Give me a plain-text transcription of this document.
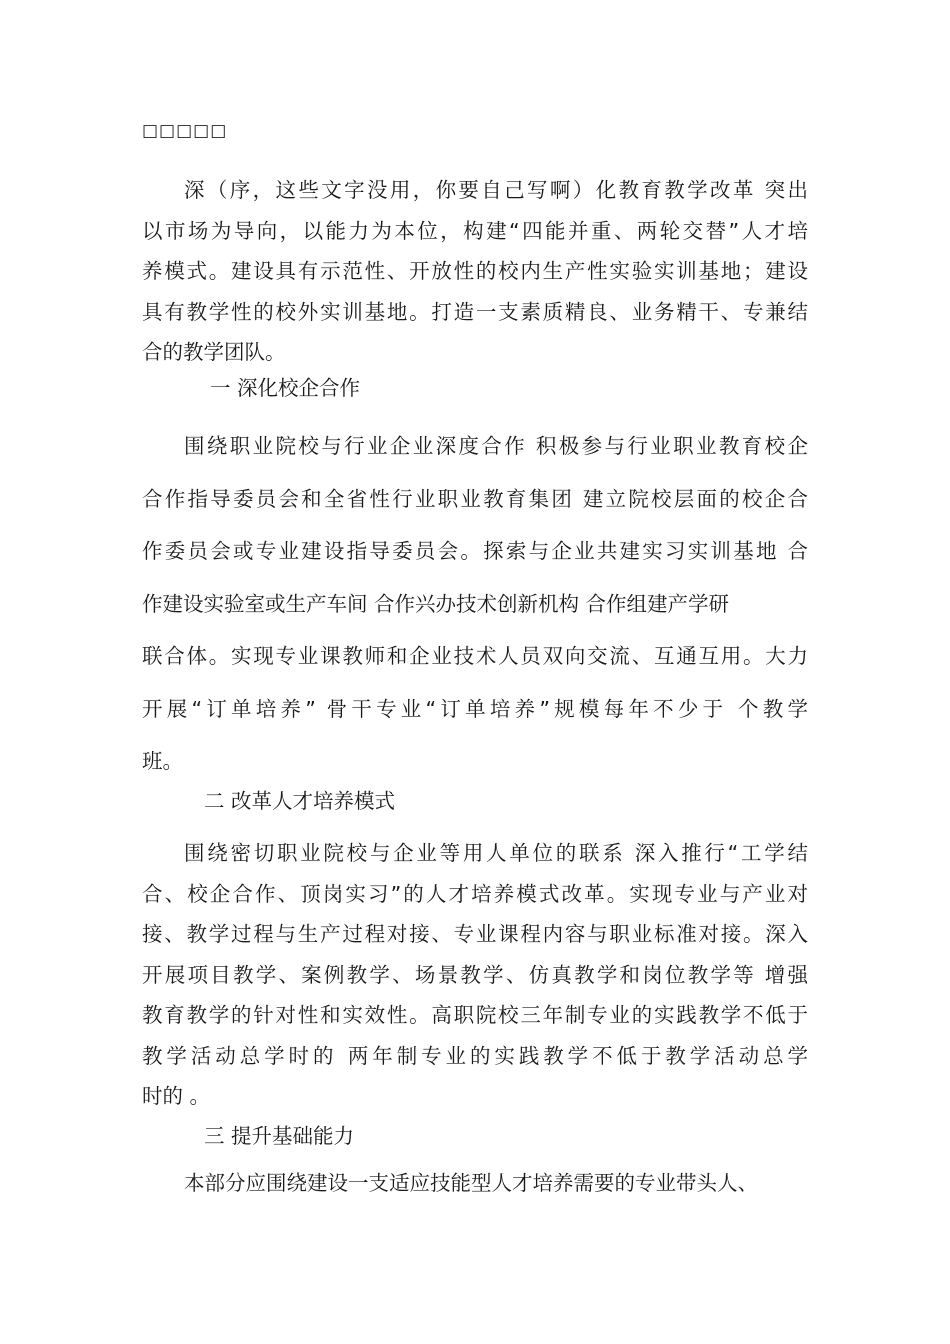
□□□□□
深（序，这些文字没用，你要自己写啊）化教育教学改革 突出
以市场为导向，以能力为本位，构建“四能并重、两轮交替”人才培
养模式。建设具有示范性、开放性的校内生产性实验实训基地；建设
具有教学性的校外实训基地。打造一支素质精良、业务精干、专兼结
合的教学团队。
一 深化校企合作
围绕职业院校与行业企业深度合作 积极参与行业职业教育校企
合作指导委员会和全省性行业职业教育集团 建立院校层面的校企合
作委员会或专业建设指导委员会。探索与企业共建实习实训基地 合
作建设实验室或生产车间 合作兴办技术创新机构 合作组建产学研
联合体。实现专业课教师和企业技术人员双向交流、互通互用。大力
开展“订单培养” 骨干专业“订单培养”规模每年不少于 个教学
班。
二 改革人才培养模式
围绕密切职业院校与企业等用人单位的联系 深入推行“工学结
合、校企合作、顶岗实习”的人才培养模式改革。实现专业与产业对
接、教学过程与生产过程对接、专业课程内容与职业标准对接。深入
开展项目教学、案例教学、场景教学、仿真教学和岗位教学等 增强
教育教学的针对性和实效性。高职院校三年制专业的实践教学不低于
教学活动总学时的 两年制专业的实践教学不低于教学活动总学
时的 。
三 提升基础能力
本部分应围绕建设一支适应技能型人才培养需要的专业带头人、
